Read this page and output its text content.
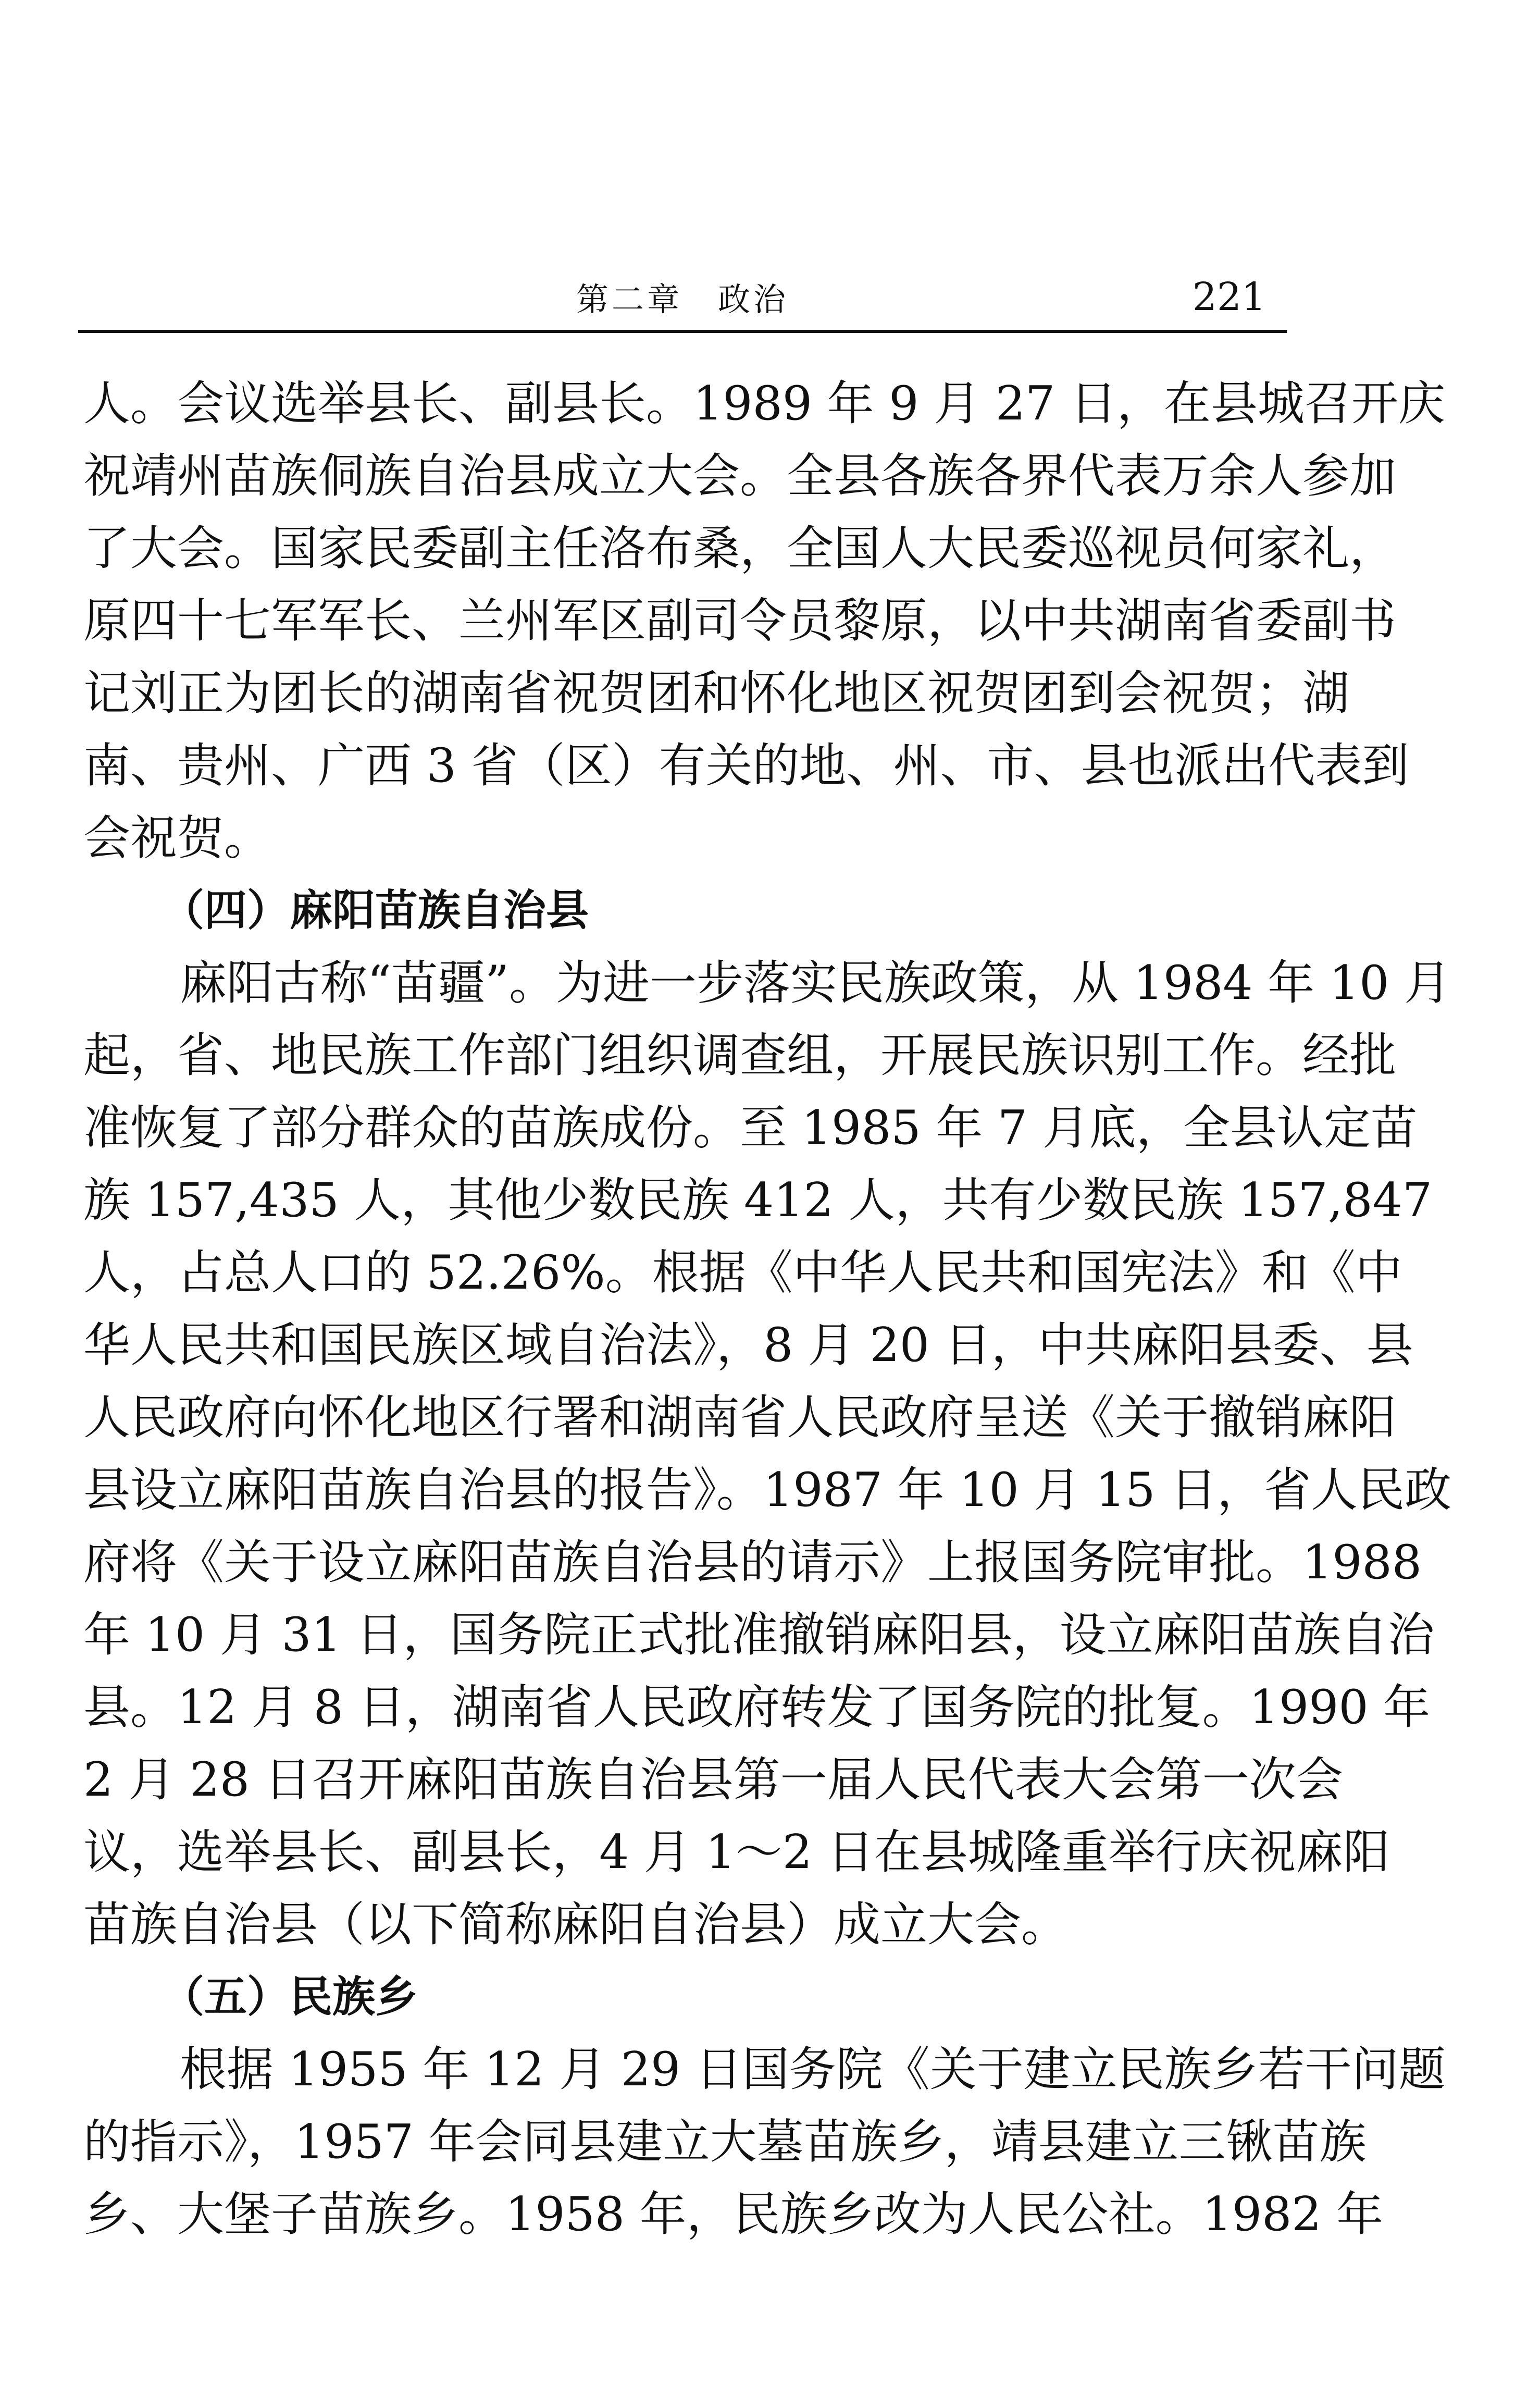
第二章　政治	221
人。会议选举县长、副县长。1989 年 9 月 27 日，在县城召开庆
祝靖州苗族侗族自治县成立大会。全县各族各界代表万余人参加
了大会。国家民委副主任洛布桑，全国人大民委巡视员何家礼，
原四十七军军长、兰州军区副司令员黎原，以中共湖南省委副书
记刘正为团长的湖南省祝贺团和怀化地区祝贺团到会祝贺；湖
南、贵州、广西 3 省（区）有关的地、州、市、县也派出代表到
会祝贺。
（四）麻阳苗族自治县
麻阳古称“苗疆”。为进一步落实民族政策，从 1984 年 10 月
起，省、地民族工作部门组织调查组，开展民族识别工作。经批
准恢复了部分群众的苗族成份。至 1985 年 7 月底，全县认定苗
族 157,435 人，其他少数民族 412 人，共有少数民族 157,847
人，占总人口的 52.26%。根据《中华人民共和国宪法》和《中
华人民共和国民族区域自治法》，8 月 20 日，中共麻阳县委、县
人民政府向怀化地区行署和湖南省人民政府呈送《关于撤销麻阳
县设立麻阳苗族自治县的报告》。1987 年 10 月 15 日，省人民政
府将《关于设立麻阳苗族自治县的请示》上报国务院审批。1988
年 10 月 31 日，国务院正式批准撤销麻阳县，设立麻阳苗族自治
县。12 月 8 日，湖南省人民政府转发了国务院的批复。1990 年
2 月 28 日召开麻阳苗族自治县第一届人民代表大会第一次会
议，选举县长、副县长，4 月 1～2 日在县城隆重举行庆祝麻阳
苗族自治县（以下简称麻阳自治县）成立大会。
（五）民族乡
根据 1955 年 12 月 29 日国务院《关于建立民族乡若干问题
的指示》，1957 年会同县建立大墓苗族乡，靖县建立三锹苗族
乡、大堡子苗族乡。1958 年，民族乡改为人民公社。1982 年
